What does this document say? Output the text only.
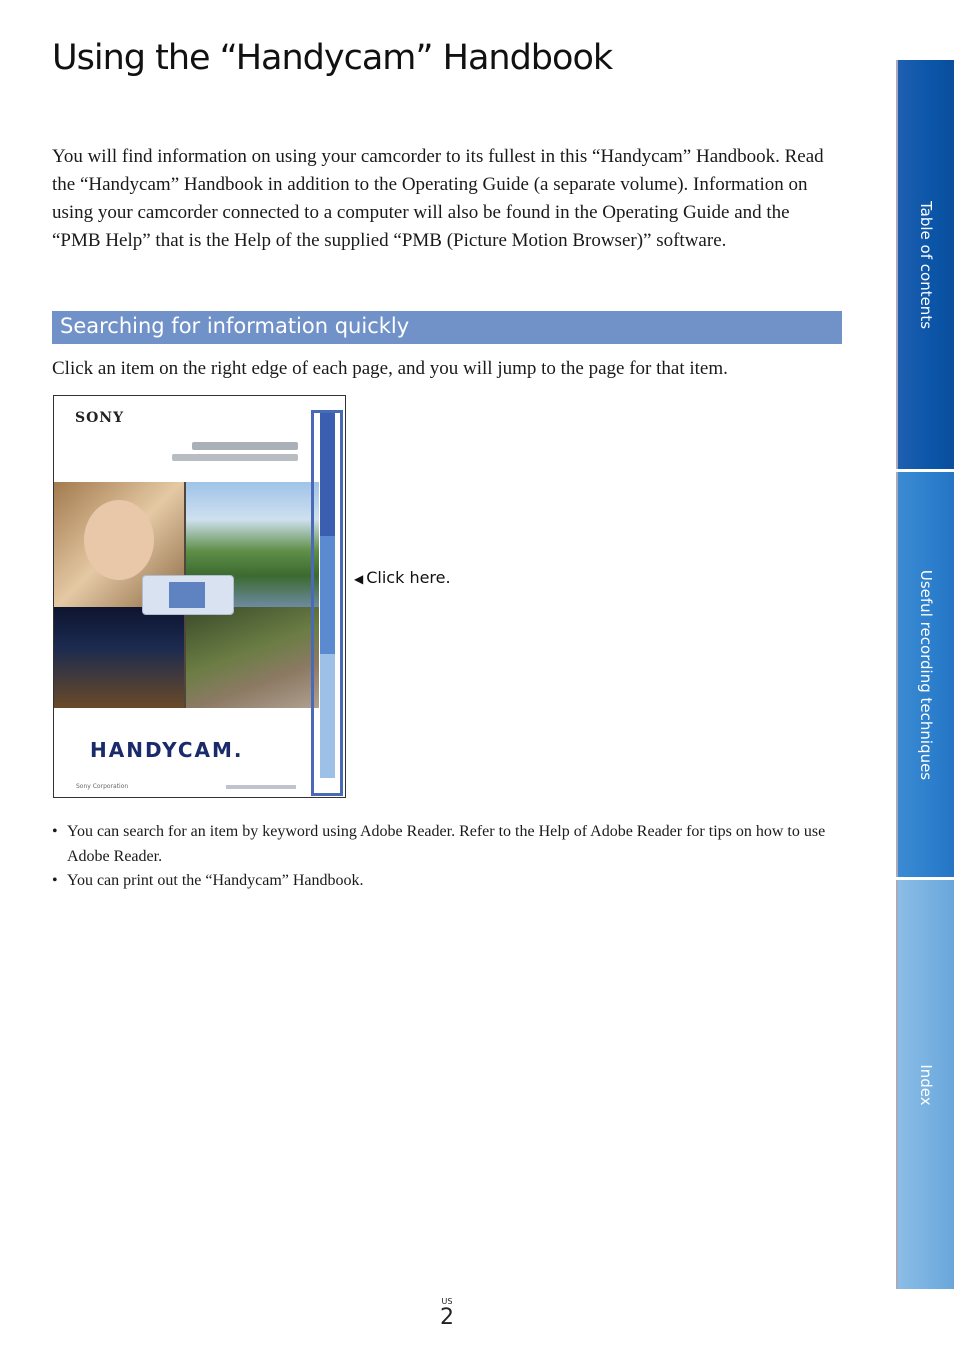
Using the “Handycam” Handbook

You will find information on using your camcorder to its fullest in this “Handycam” Handbook. Read the “Handycam” Handbook in addition to the Operating Guide (a separate volume). Information on using your camcorder connected to a computer will also be found in the Operating Guide and the “PMB Help” that is the Help of the supplied “PMB (Picture Motion Browser)” software.

Searching for information quickly

Click an item on the right edge of each page, and you will jump to the page for that item.

SONY
HANDYCAM.
Sony Corporation
◀ Click here.
• You can search for an item by keyword using Adobe Reader. Refer to the Help of Adobe Reader for tips on how to use Adobe Reader.
• You can print out the “Handycam” Handbook.
US
2
Table of contents
Useful recording techniques
Index
